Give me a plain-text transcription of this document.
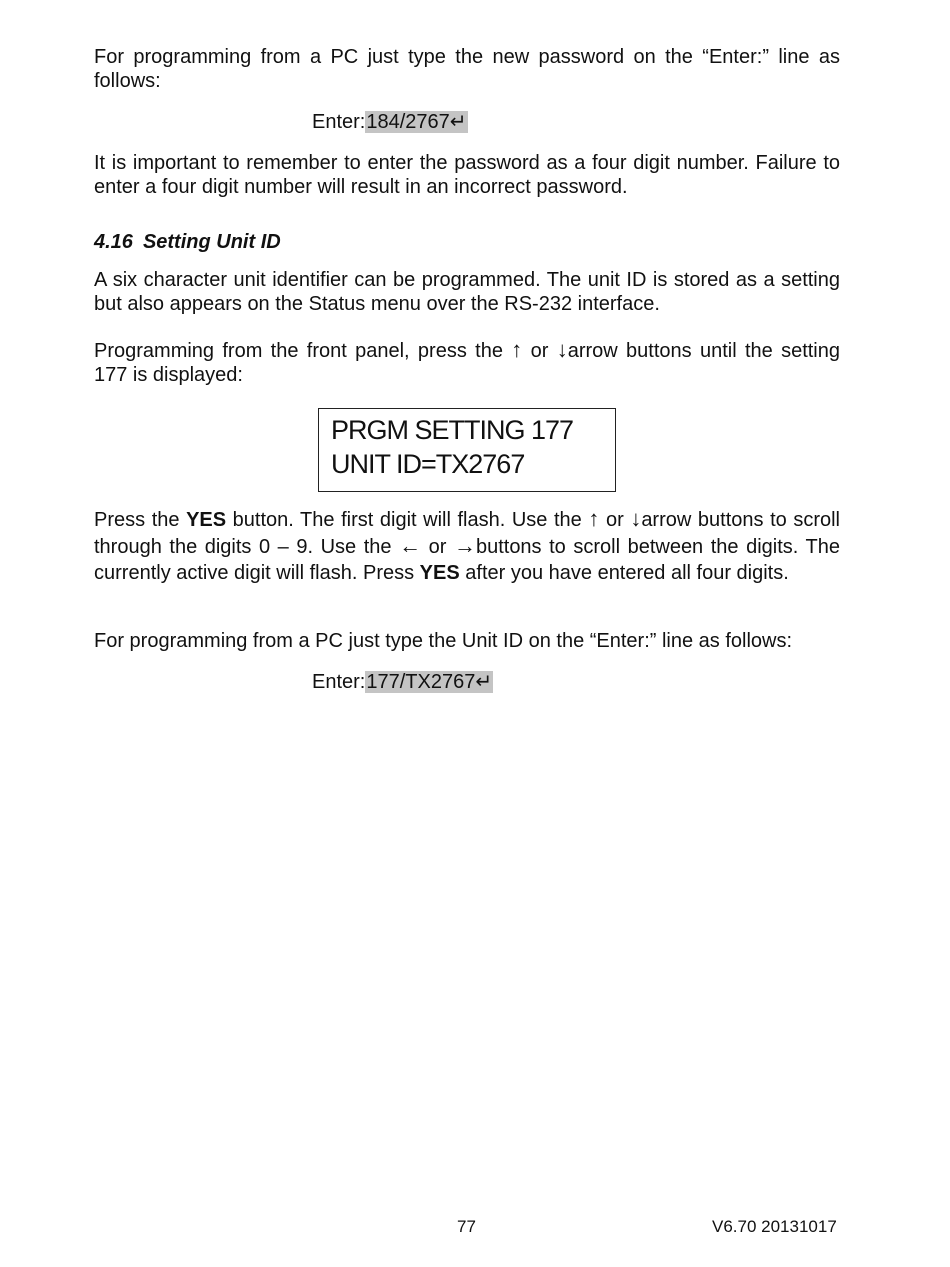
For programming from a PC just type the new password on the “Enter:” line as follows:

Enter:184/2767↵

It is important to remember to enter the password as a four digit number. Failure to enter a four digit number will result in an incorrect password.

4.16 Setting Unit ID

A six character unit identifier can be programmed. The unit ID is stored as a setting but also appears on the Status menu over the RS-232 interface.

Programming from the front panel, press the ↑ or ↓arrow buttons until the setting 177 is displayed:

PRGM SETTING 177
UNIT ID=TX2767

Press the YES button. The first digit will flash. Use the ↑ or ↓arrow buttons to scroll through the digits 0 – 9. Use the ← or →buttons to scroll between the digits. The currently active digit will flash. Press YES after you have entered all four digits.

For programming from a PC just type the Unit ID on the “Enter:” line as follows:

Enter:177/TX2767↵
77	V6.70 20131017
